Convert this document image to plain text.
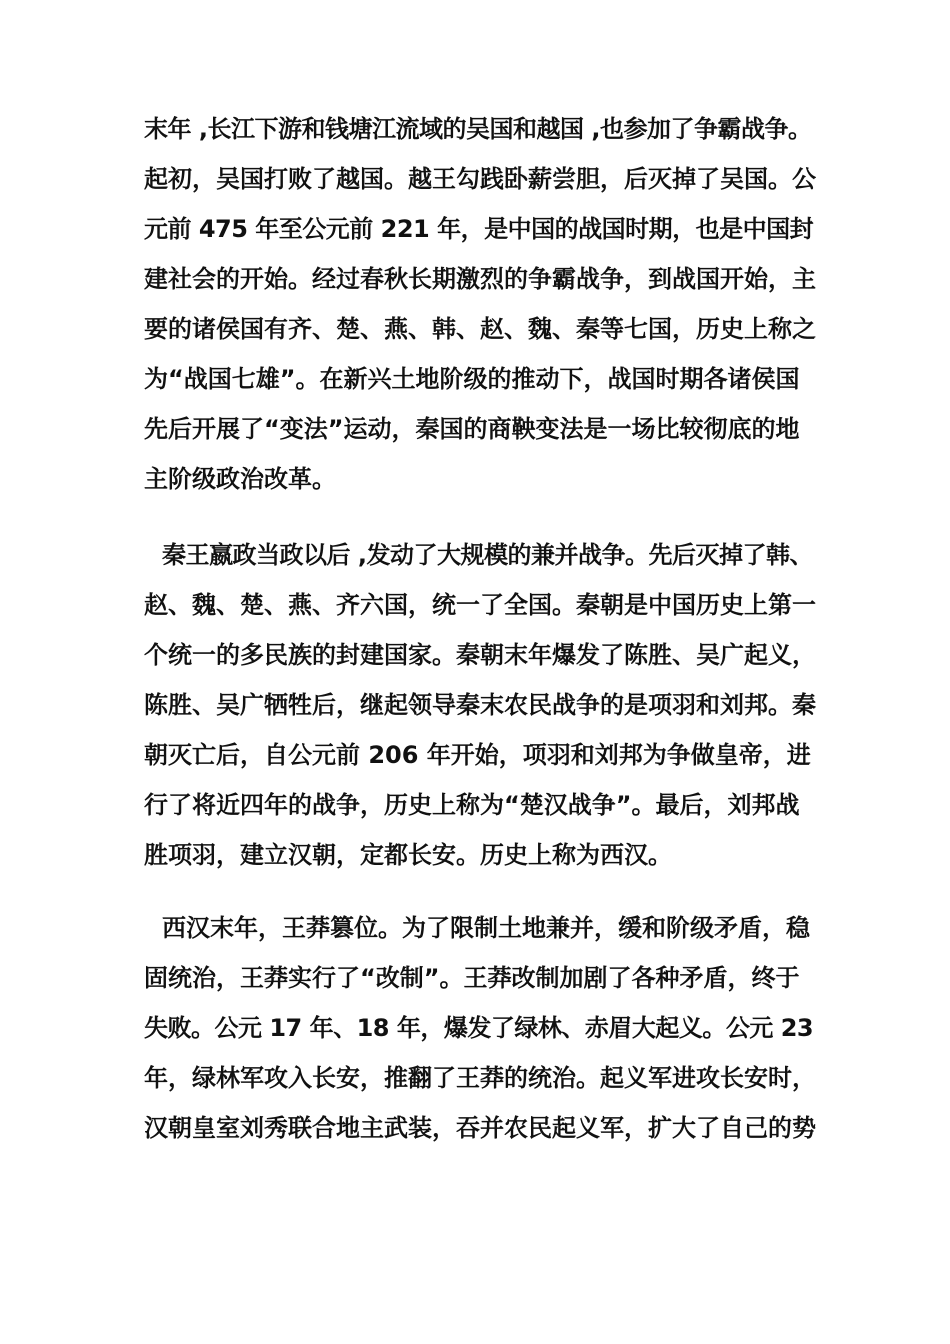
末年 ,长江下游和钱塘江流域的吴国和越国 ,也参加了争霸战争。
起初，吴国打败了越国。越王勾践卧薪尝胆，后灭掉了吴国。公
元前 475 年至公元前 221 年，是中国的战国时期，也是中国封
建社会的开始。经过春秋长期激烈的争霸战争，到战国开始，主
要的诸侯国有齐、楚、燕、韩、赵、魏、秦等七国，历史上称之
为“战国七雄”。在新兴土地阶级的推动下，战国时期各诸侯国
先后开展了“变法”运动，秦国的商鞅变法是一场比较彻底的地
主阶级政治改革。
秦王嬴政当政以后 ,发动了大规模的兼并战争。先后灭掉了韩、
赵、魏、楚、燕、齐六国，统一了全国。秦朝是中国历史上第一
个统一的多民族的封建国家。秦朝末年爆发了陈胜、吴广起义，
陈胜、吴广牺牲后，继起领导秦末农民战争的是项羽和刘邦。秦
朝灭亡后，自公元前 206 年开始，项羽和刘邦为争做皇帝，进
行了将近四年的战争，历史上称为“楚汉战争”。最后，刘邦战
胜项羽，建立汉朝，定都长安。历史上称为西汉。
西汉末年，王莽篡位。为了限制土地兼并，缓和阶级矛盾，稳
固统治，王莽实行了“改制”。王莽改制加剧了各种矛盾，终于
失败。公元 17 年、18 年，爆发了绿林、赤眉大起义。公元 23
年，绿林军攻入长安，推翻了王莽的统治。起义军进攻长安时，
汉朝皇室刘秀联合地主武装，吞并农民起义军，扩大了自己的势
